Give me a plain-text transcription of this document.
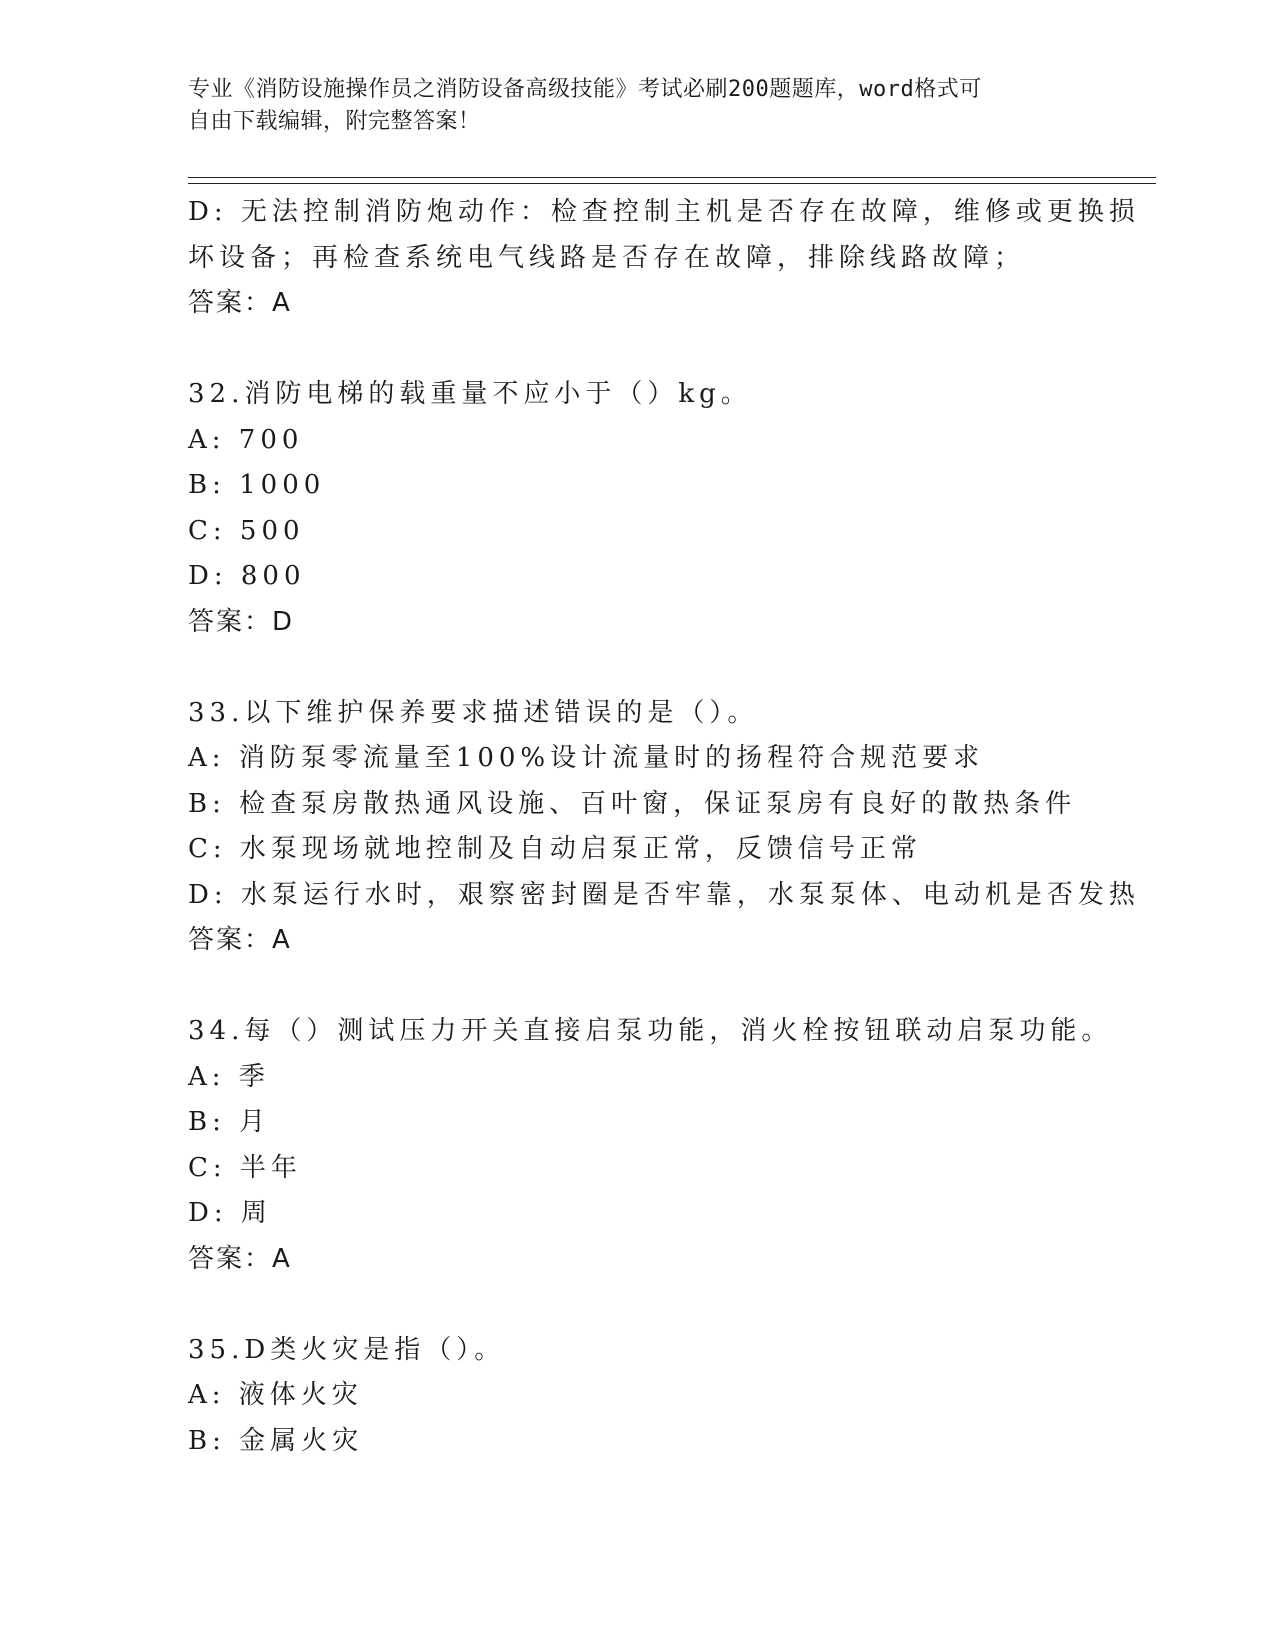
专业《消防设施操作员之消防设备高级技能》考试必刷200题题库，word格式可
自由下载编辑，附完整答案！
D: 无法控制消防炮动作：检查控制主机是否存在故障，维修或更换损
坏设备；再检查系统电气线路是否存在故障，排除线路故障；
答案：A
32.消防电梯的载重量不应小于（）kg。
A: 700
B: 1000
C: 500
D: 800
答案：D
33.以下维护保养要求描述错误的是（）。
A: 消防泵零流量至100%设计流量时的扬程符合规范要求
B: 检查泵房散热通风设施、百叶窗，保证泵房有良好的散热条件
C: 水泵现场就地控制及自动启泵正常，反馈信号正常
D: 水泵运行水时，艰察密封圈是否牢靠，水泵泵体、电动机是否发热
答案：A
34.每（）测试压力开关直接启泵功能，消火栓按钮联动启泵功能。
A: 季
B: 月
C: 半年
D: 周
答案：A
35.D类火灾是指（）。
A: 液体火灾
B: 金属火灾
